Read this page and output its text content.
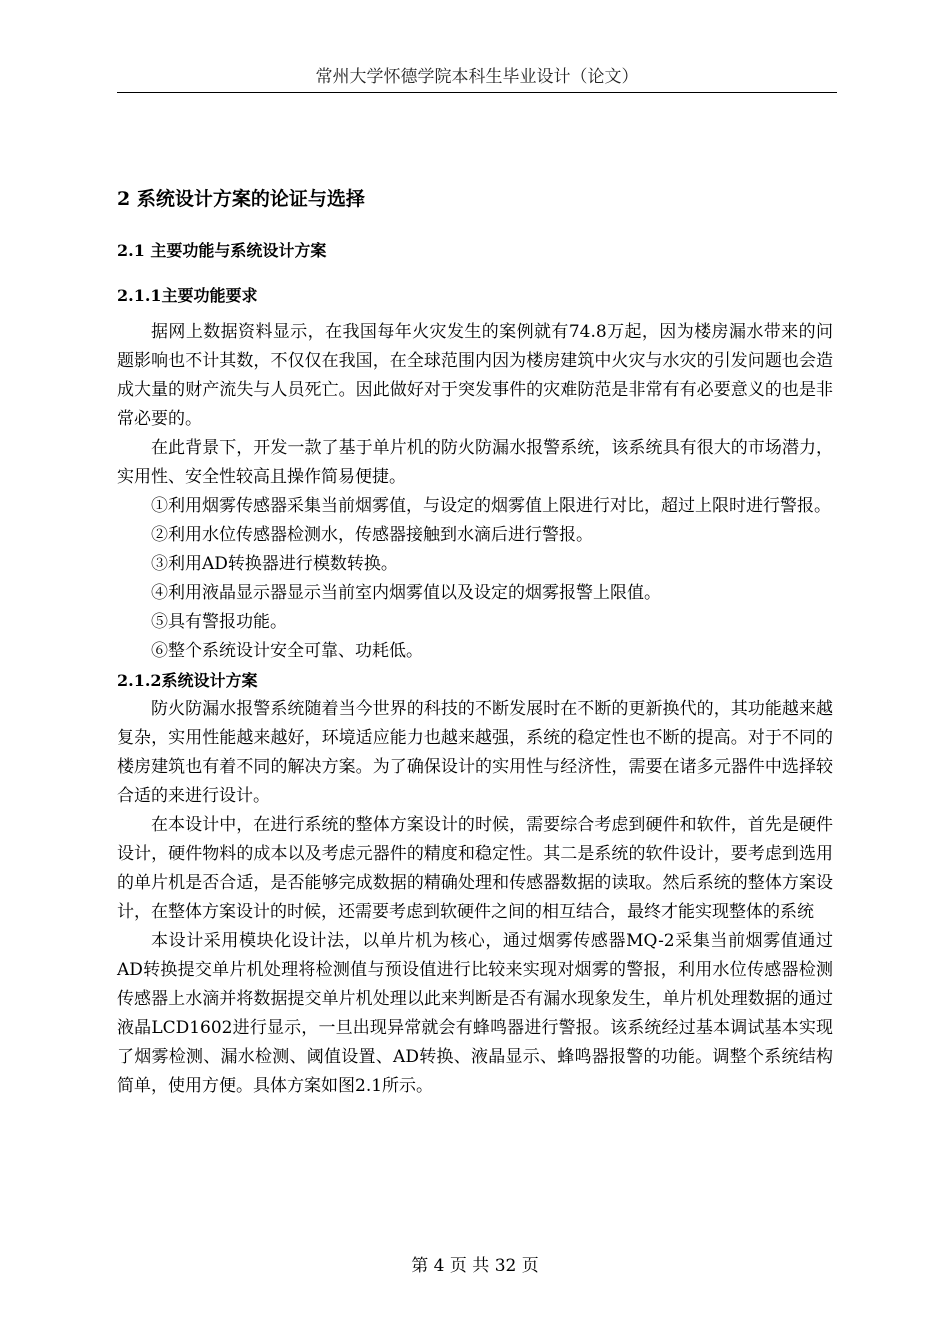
常州大学怀德学院本科生毕业设计（论文）
2 系统设计方案的论证与选择
2.1 主要功能与系统设计方案
2.1.1主要功能要求

据网上数据资料显示，在我国每年火灾发生的案例就有74.8万起，因为楼房漏水带来的问题影响也不计其数，不仅仅在我国，在全球范围内因为楼房建筑中火灾与水灾的引发问题也会造成大量的财产流失与人员死亡。因此做好对于突发事件的灾难防范是非常有有必要意义的也是非常必要的。

在此背景下，开发一款了基于单片机的防火防漏水报警系统，该系统具有很大的市场潜力，实用性、安全性较高且操作简易便捷。

①利用烟雾传感器采集当前烟雾值，与设定的烟雾值上限进行对比，超过上限时进行警报。
②利用水位传感器检测水，传感器接触到水滴后进行警报。
③利用AD转换器进行模数转换。
④利用液晶显示器显示当前室内烟雾值以及设定的烟雾报警上限值。
⑤具有警报功能。
⑥整个系统设计安全可靠、功耗低。
2.1.2系统设计方案

防火防漏水报警系统随着当今世界的科技的不断发展时在不断的更新换代的，其功能越来越复杂，实用性能越来越好，环境适应能力也越来越强，系统的稳定性也不断的提高。对于不同的楼房建筑也有着不同的解决方案。为了确保设计的实用性与经济性，需要在诸多元器件中选择较合适的来进行设计。

在本设计中，在进行系统的整体方案设计的时候，需要综合考虑到硬件和软件，首先是硬件设计，硬件物料的成本以及考虑元器件的精度和稳定性。其二是系统的软件设计，要考虑到选用的单片机是否合适，是否能够完成数据的精确处理和传感器数据的读取。然后系统的整体方案设计，在整体方案设计的时候，还需要考虑到软硬件之间的相互结合，最终才能实现整体的系统

本设计采用模块化设计法，以单片机为核心，通过烟雾传感器MQ-2采集当前烟雾值通过AD转换提交单片机处理将检测值与预设值进行比较来实现对烟雾的警报，利用水位传感器检测传感器上水滴并将数据提交单片机处理以此来判断是否有漏水现象发生，单片机处理数据的通过液晶LCD1602进行显示，一旦出现异常就会有蜂鸣器进行警报。该系统经过基本调试基本实现了烟雾检测、漏水检测、阈值设置、AD转换、液晶显示、蜂鸣器报警的功能。调整个系统结构简单，使用方便。具体方案如图2.1所示。

第 4 页 共 32 页
